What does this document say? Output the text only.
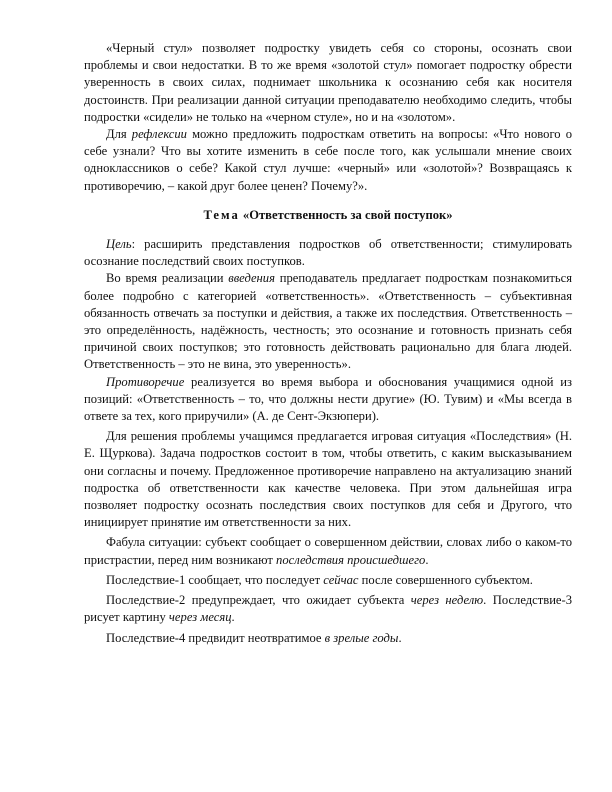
«Черный стул» позволяет подростку увидеть себя со стороны, осознать свои проблемы и свои недостатки. В то же время «золотой стул» помогает подростку обрести уверенность в своих силах, поднимает школьника к осознанию себя как носителя достоинств. При реализации данной ситуации преподавателю необходимо следить, чтобы подростки «сидели» не только на «черном стуле», но и на «золотом».

Для рефлексии можно предложить подросткам ответить на вопросы: «Что нового о себе узнали? Что вы хотите изменить в себе после того, как услышали мнение своих одноклассников о себе? Какой стул лучше: «черный» или «золотой»? Возвращаясь к противоречию, – какой друг более ценен? Почему?».

Тема «Ответственность за свой поступок»

Цель: расширить представления подростков об ответственности; стимулировать осознание последствий своих поступков.

Во время реализации введения преподаватель предлагает подросткам познакомиться более подробно с категорией «ответственность». «Ответственность – субъективная обязанность отвечать за поступки и действия, а также их последствия. Ответственность – это определённость, надёжность, честность; это осознание и готовность признать себя причиной своих поступков; это готовность действовать рационально для блага людей. Ответственность – это не вина, это уверенность».

Противоречие реализуется во время выбора и обоснования учащимися одной из позиций: «Ответственность – то, что должны нести другие» (Ю. Тувим) и «Мы всегда в ответе за тех, кого приручили» (А. де Сент-Экзюпери).

Для решения проблемы учащимся предлагается игровая ситуация «Последствия» (Н. Е. Щуркова). Задача подростков состоит в том, чтобы ответить, с каким высказыванием они согласны и почему. Предложенное противоречие направлено на актуализацию знаний подростка об ответственности как качестве человека. При этом дальнейшая игра позволяет подростку осознать последствия своих поступков для себя и Другого, что инициирует принятие им ответственности за них.

Фабула ситуации: субъект сообщает о совершенном действии, словах либо о каком-то пристрастии, перед ним возникают последствия происшедшего.

Последствие-1 сообщает, что последует сейчас после совершенного субъектом.

Последствие-2 предупреждает, что ожидает субъекта через неделю. Последствие-3 рисует картину через месяц.

Последствие-4 предвидит неотвратимое в зрелые годы.
